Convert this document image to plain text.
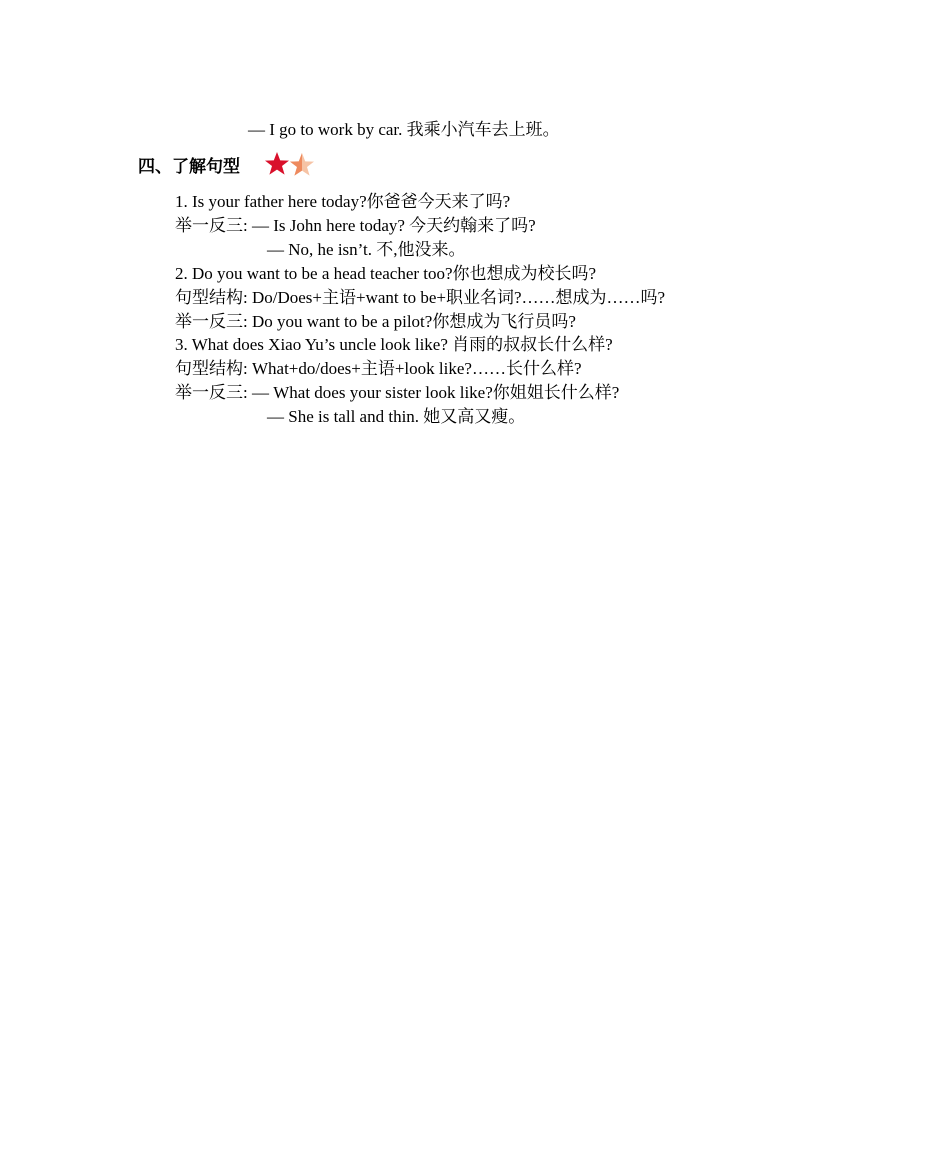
— I go to work by car. 我乘小汽车去上班。
四、了解句型
1. Is your father here today?你爸爸今天来了吗?
举一反三: — Is John here today? 今天约翰来了吗?
— No, he isn’t. 不,他没来。
2. Do you want to be a head teacher too?你也想成为校长吗?
句型结构: Do/Does+主语+want to be+职业名词?……想成为……吗?
举一反三: Do you want to be a pilot?你想成为飞行员吗?
3. What does Xiao Yu’s uncle look like? 肖雨的叔叔长什么样?
句型结构: What+do/does+主语+look like?……长什么样?
举一反三: — What does your sister look like?你姐姐长什么样?
— She is tall and thin. 她又高又瘦。
